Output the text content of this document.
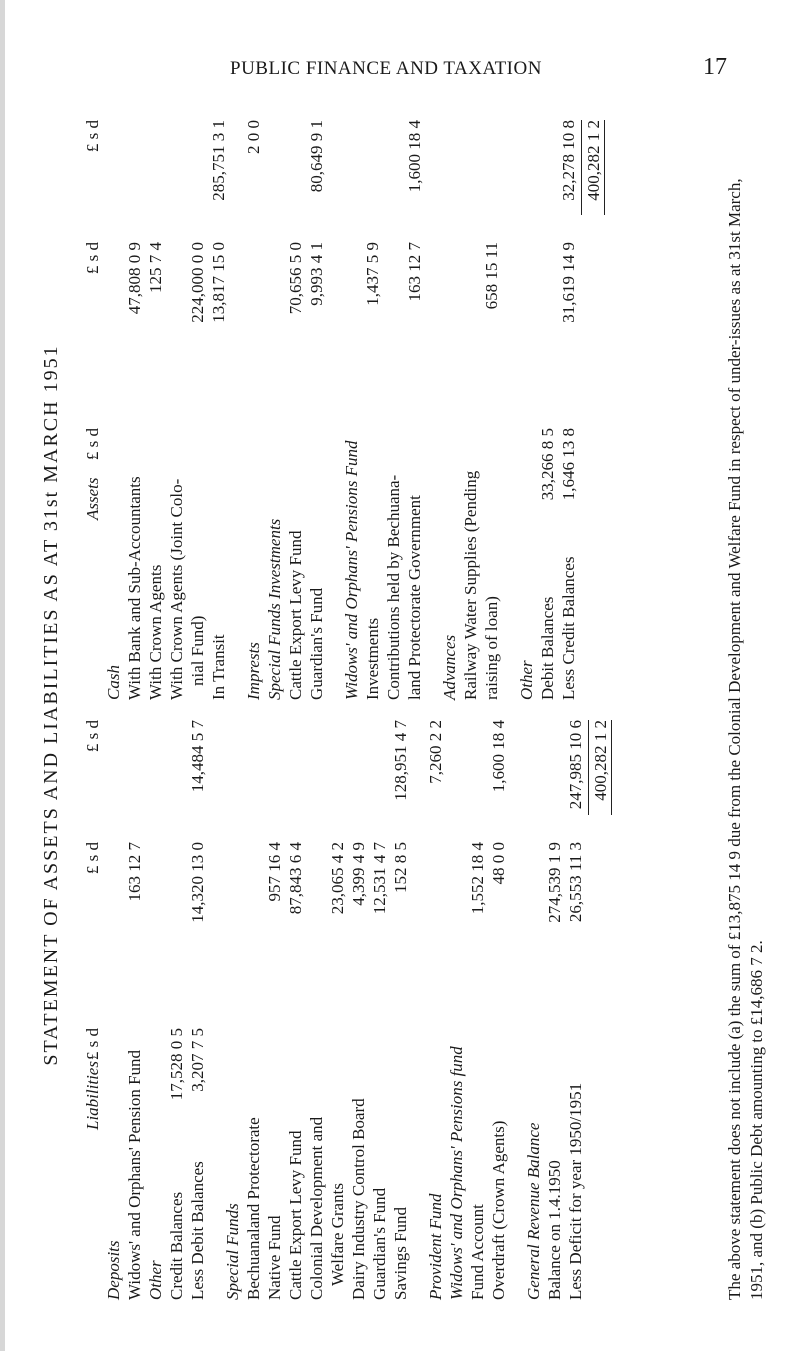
PUBLIC FINANCE AND TAXATION	17
STATEMENT OF ASSETS AND LIABILITIES AS AT 31st MARCH 1951
Liabilities
£ s d
£ s d
£ s d
Deposits Widows' and Orphans' Pension Fund
163 12 7
Other Credit Balances
17,528 0 5
Less Debit Balances
3,207 7 5
14,320 13 0
14,484 5 7
Special Funds Bechuanaland Protectorate Native Fund
957 16 4
Cattle Export Levy Fund
87,843 6 4
Colonial Development and Welfare Grants
23,065 4 2
Dairy Industry Control Board
4,399 4 9
Guardian's Fund
12,531 4 7
Savings Fund
152 8 5
128,951 4 7
Provident Fund
7,260 2 2
Widows' and Orphans' Pensions fund Fund Account
1,552 18 4
Overdraft (Crown Agents)
48 0 0
1,600 18 4
General Revenue Balance Balance on 1.4.1950
274,539 1 9
Less Deficit for year 1950/1951
26,553 11 3
247,985 10 6 400,282 1 2
Assets
£ s d
£ s d
£ s d
Cash With Bank and Sub-Accountants
47,808 0 9
With Crown Agents
125 7 4
With Crown Agents (Joint Colo- nial Fund)
224,000 0 0
In Transit
13,817 15 0
285,751 3 1
Imprests
2 0 0
Special Funds Investments Cattle Export Levy Fund
70,656 5 0
Guardian's Fund
9,993 4 1
80,649 9 1
Widows' and Orphans' Pensions Fund Investments
1,437 5 9
Contributions held by Bechuana- land Protectorate Government
163 12 7
1,600 18 4
Advances Railway Water Supplies (Pending raising of loan)
658 15 11
Other Debit Balances
33,266 8 5
Less Credit Balances
1,646 13 8
31,619 14 9
32,278 10 8 400,282 1 2
The above statement does not include (a) the sum of £13,875 14 9 due from the Colonial Development and Welfare Fund in respect of under-issues as at 31st March, 1951, and (b) Public Debt amounting to £14,686 7 2.
